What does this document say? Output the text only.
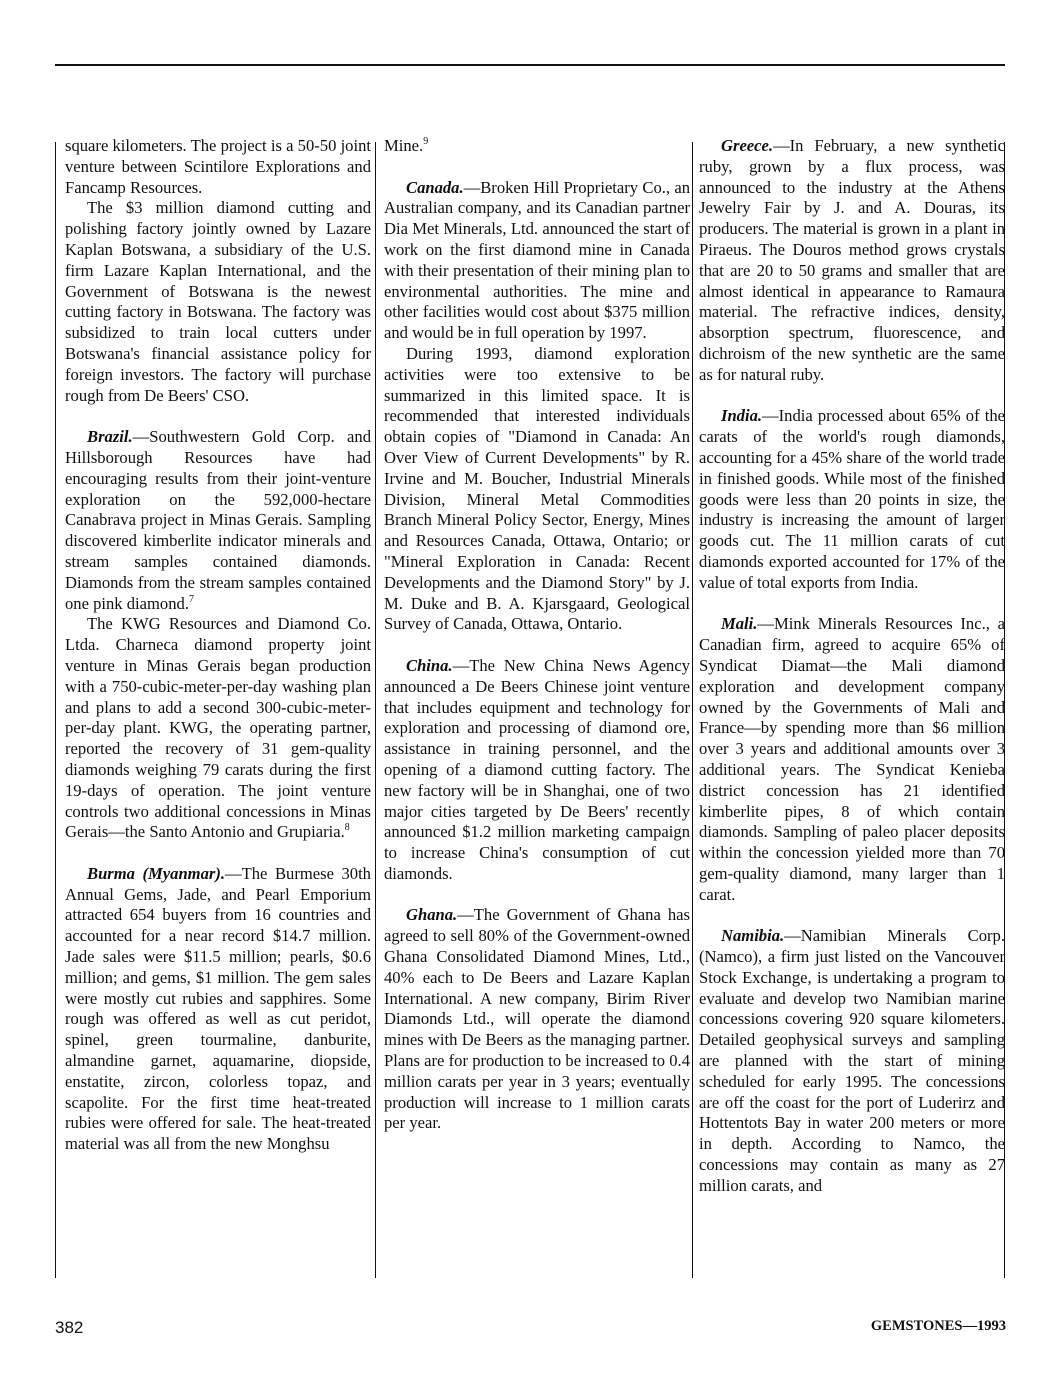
square kilometers. The project is a 50-50 joint venture between Scintilore Explorations and Fancamp Resources.

The $3 million diamond cutting and polishing factory jointly owned by Lazare Kaplan Botswana, a subsidiary of the U.S. firm Lazare Kaplan International, and the Government of Botswana is the newest cutting factory in Botswana. The factory was subsidized to train local cutters under Botswana's financial assistance policy for foreign investors. The factory will purchase rough from De Beers' CSO.

Brazil.—Southwestern Gold Corp. and Hillsborough Resources have had encouraging results from their joint-venture exploration on the 592,000-hectare Canabrava project in Minas Gerais. Sampling discovered kimberlite indicator minerals and stream samples contained diamonds. Diamonds from the stream samples contained one pink diamond.$^7$

The KWG Resources and Diamond Co. Ltda. Charneca diamond property joint venture in Minas Gerais began production with a 750-cubic-meter-per-day washing plan and plans to add a second 300-cubic-meter-per-day plant. KWG, the operating partner, reported the recovery of 31 gem-quality diamonds weighing 79 carats during the first 19-days of operation. The joint venture controls two additional concessions in Minas Gerais—the Santo Antonio and Grupiaria.$^8$

Burma (Myanmar).—The Burmese 30th Annual Gems, Jade, and Pearl Emporium attracted 654 buyers from 16 countries and accounted for a near record $14.7 million. Jade sales were $11.5 million; pearls, $0.6 million; and gems, $1 million. The gem sales were mostly cut rubies and sapphires. Some rough was offered as well as cut peridot, spinel, green tourmaline, danburite, almandine garnet, aquamarine, diopside, enstatite, zircon, colorless topaz, and scapolite. For the first time heat-treated rubies were offered for sale. The heat-treated material was all from the new Monghsu

Mine.$^9$

Canada.—Broken Hill Proprietary Co., an Australian company, and its Canadian partner Dia Met Minerals, Ltd. announced the start of work on the first diamond mine in Canada with their presentation of their mining plan to environmental authorities. The mine and other facilities would cost about $375 million and would be in full operation by 1997.

During 1993, diamond exploration activities were too extensive to be summarized in this limited space. It is recommended that interested individuals obtain copies of "Diamond in Canada: An Over View of Current Developments" by R. Irvine and M. Boucher, Industrial Minerals Division, Mineral Metal Commodities Branch Mineral Policy Sector, Energy, Mines and Resources Canada, Ottawa, Ontario; or "Mineral Exploration in Canada: Recent Developments and the Diamond Story" by J. M. Duke and B. A. Kjarsgaard, Geological Survey of Canada, Ottawa, Ontario.

China.—The New China News Agency announced a De Beers Chinese joint venture that includes equipment and technology for exploration and processing of diamond ore, assistance in training personnel, and the opening of a diamond cutting factory. The new factory will be in Shanghai, one of two major cities targeted by De Beers' recently announced $1.2 million marketing campaign to increase China's consumption of cut diamonds.

Ghana.—The Government of Ghana has agreed to sell 80% of the Government-owned Ghana Consolidated Diamond Mines, Ltd., 40% each to De Beers and Lazare Kaplan International. A new company, Birim River Diamonds Ltd., will operate the diamond mines with De Beers as the managing partner. Plans are for production to be increased to 0.4 million carats per year in 3 years; eventually production will increase to 1 million carats per year.

Greece.—In February, a new synthetic ruby, grown by a flux process, was announced to the industry at the Athens Jewelry Fair by J. and A. Douras, its producers. The material is grown in a plant in Piraeus. The Douros method grows crystals that are 20 to 50 grams and smaller that are almost identical in appearance to Ramaura material. The refractive indices, density, absorption spectrum, fluorescence, and dichroism of the new synthetic are the same as for natural ruby.

India.—India processed about 65% of the carats of the world's rough diamonds, accounting for a 45% share of the world trade in finished goods. While most of the finished goods were less than 20 points in size, the industry is increasing the amount of larger goods cut. The 11 million carats of cut diamonds exported accounted for 17% of the value of total exports from India.

Mali.—Mink Minerals Resources Inc., a Canadian firm, agreed to acquire 65% of Syndicat Diamat—the Mali diamond exploration and development company owned by the Governments of Mali and France—by spending more than $6 million over 3 years and additional amounts over 3 additional years. The Syndicat Kenieba district concession has 21 identified kimberlite pipes, 8 of which contain diamonds. Sampling of paleo placer deposits within the concession yielded more than 70 gem-quality diamond, many larger than 1 carat.

Namibia.—Namibian Minerals Corp. (Namco), a firm just listed on the Vancouver Stock Exchange, is undertaking a program to evaluate and develop two Namibian marine concessions covering 920 square kilometers. Detailed geophysical surveys and sampling are planned with the start of mining scheduled for early 1995. The concessions are off the coast for the port of Luderirz and Hottentots Bay in water 200 meters or more in depth. According to Namco, the concessions may contain as many as 27 million carats, and

382	GEMSTONES—1993
